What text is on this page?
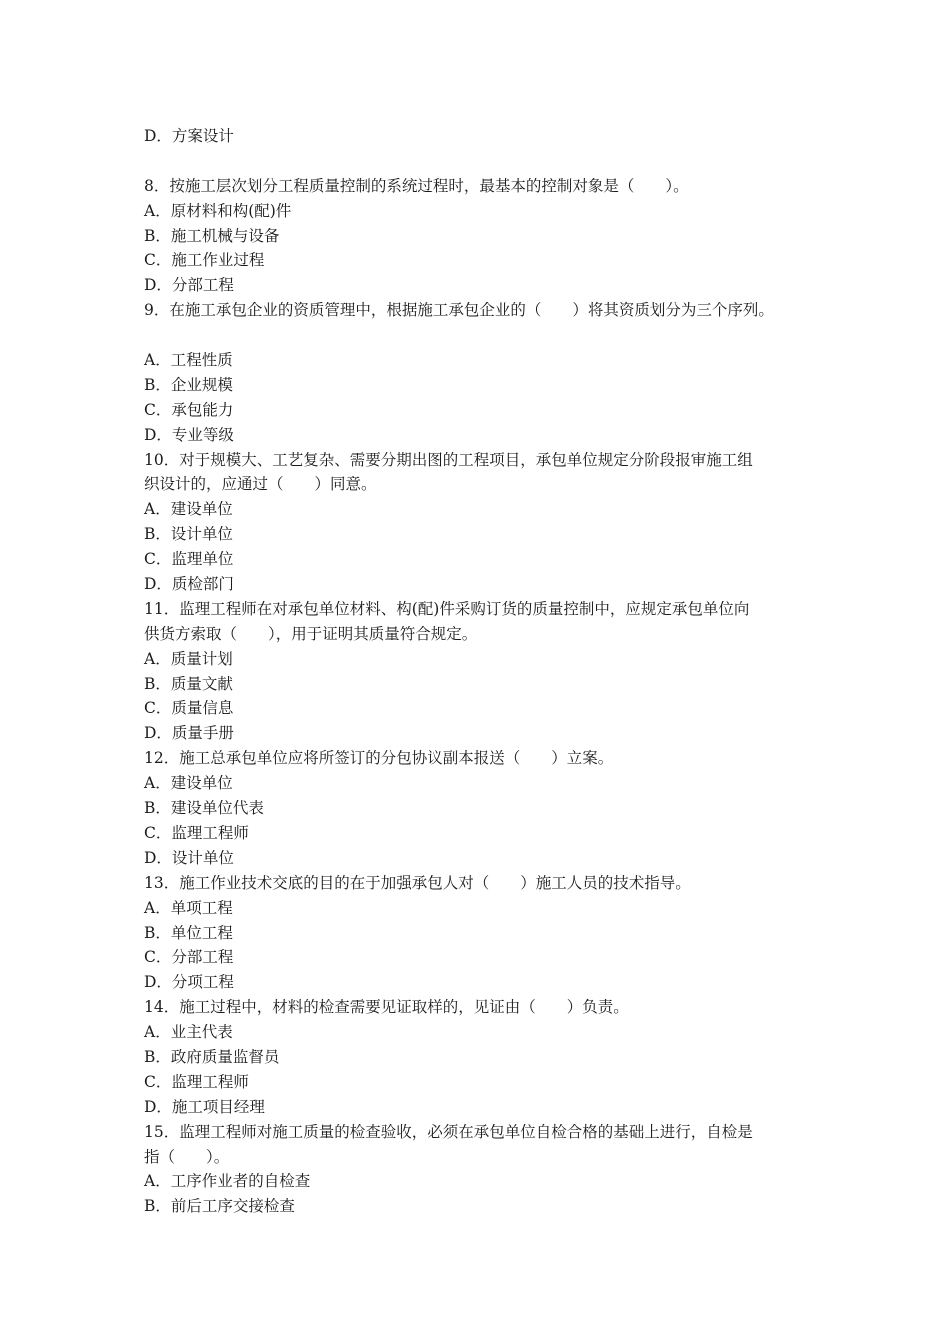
D．方案设计
8．按施工层次划分工程质量控制的系统过程时，最基本的控制对象是（　　）。
A．原材料和构(配)件
B．施工机械与设备
C．施工作业过程
D．分部工程
9．在施工承包企业的资质管理中，根据施工承包企业的（　　）将其资质划分为三个序列。
A．工程性质
B．企业规模
C．承包能力
D．专业等级
10．对于规模大、工艺复杂、需要分期出图的工程项目，承包单位规定分阶段报审施工组
织设计的，应通过（　　）同意。
A．建设单位
B．设计单位
C．监理单位
D．质检部门
11．监理工程师在对承包单位材料、构(配)件采购订货的质量控制中，应规定承包单位向
供货方索取（　　），用于证明其质量符合规定。
A．质量计划
B．质量文献
C．质量信息
D．质量手册
12．施工总承包单位应将所签订的分包协议副本报送（　　）立案。
A．建设单位
B．建设单位代表
C．监理工程师
D．设计单位
13．施工作业技术交底的目的在于加强承包人对（　　）施工人员的技术指导。
A．单项工程
B．单位工程
C．分部工程
D．分项工程
14．施工过程中，材料的检查需要见证取样的，见证由（　　）负责。
A．业主代表
B．政府质量监督员
C．监理工程师
D．施工项目经理
15．监理工程师对施工质量的检查验收，必须在承包单位自检合格的基础上进行，自检是
指（　　）。
A．工序作业者的自检查
B．前后工序交接检查
